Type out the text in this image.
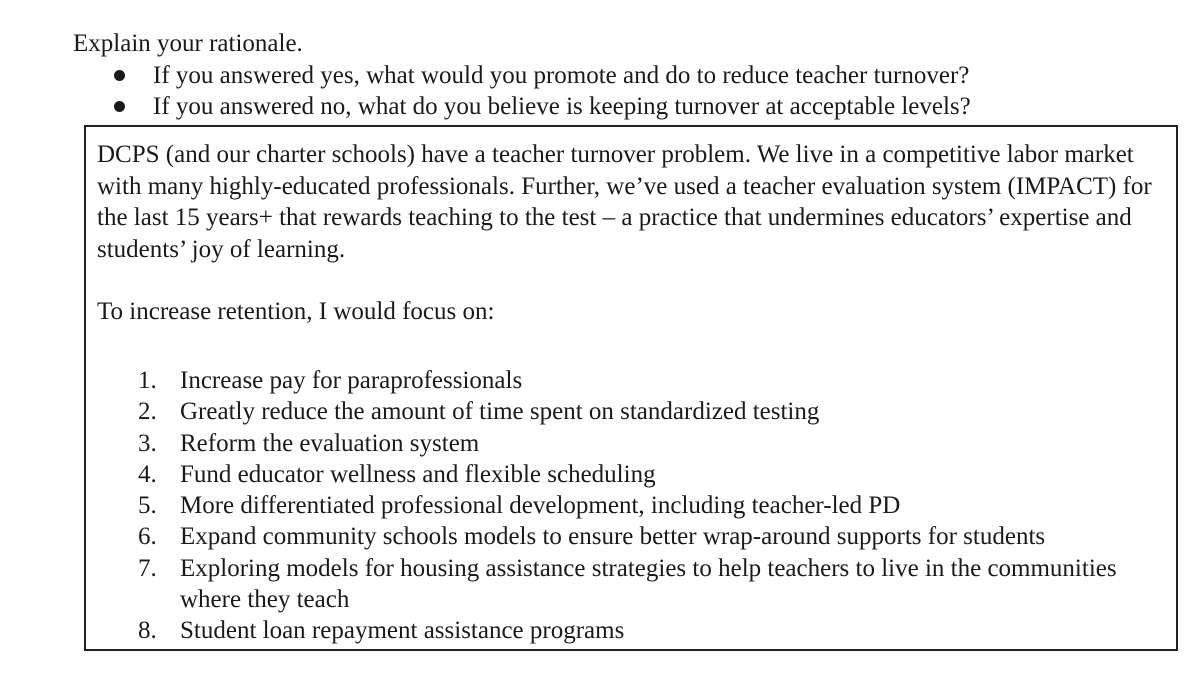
Explain your rationale.
If you answered yes, what would you promote and do to reduce teacher turnover?
If you answered no, what do you believe is keeping turnover at acceptable levels?

DCPS (and our charter schools) have a teacher turnover problem. We live in a competitive labor market with many highly-educated professionals. Further, we’ve used a teacher evaluation system (IMPACT) for the last 15 years+ that rewards teaching to the test – a practice that undermines educators’ expertise and students’ joy of learning.

To increase retention, I would focus on:

1. Increase pay for paraprofessionals
2. Greatly reduce the amount of time spent on standardized testing
3. Reform the evaluation system
4. Fund educator wellness and flexible scheduling
5. More differentiated professional development, including teacher-led PD
6. Expand community schools models to ensure better wrap-around supports for students
7. Exploring models for housing assistance strategies to help teachers to live in the communities where they teach
8. Student loan repayment assistance programs
